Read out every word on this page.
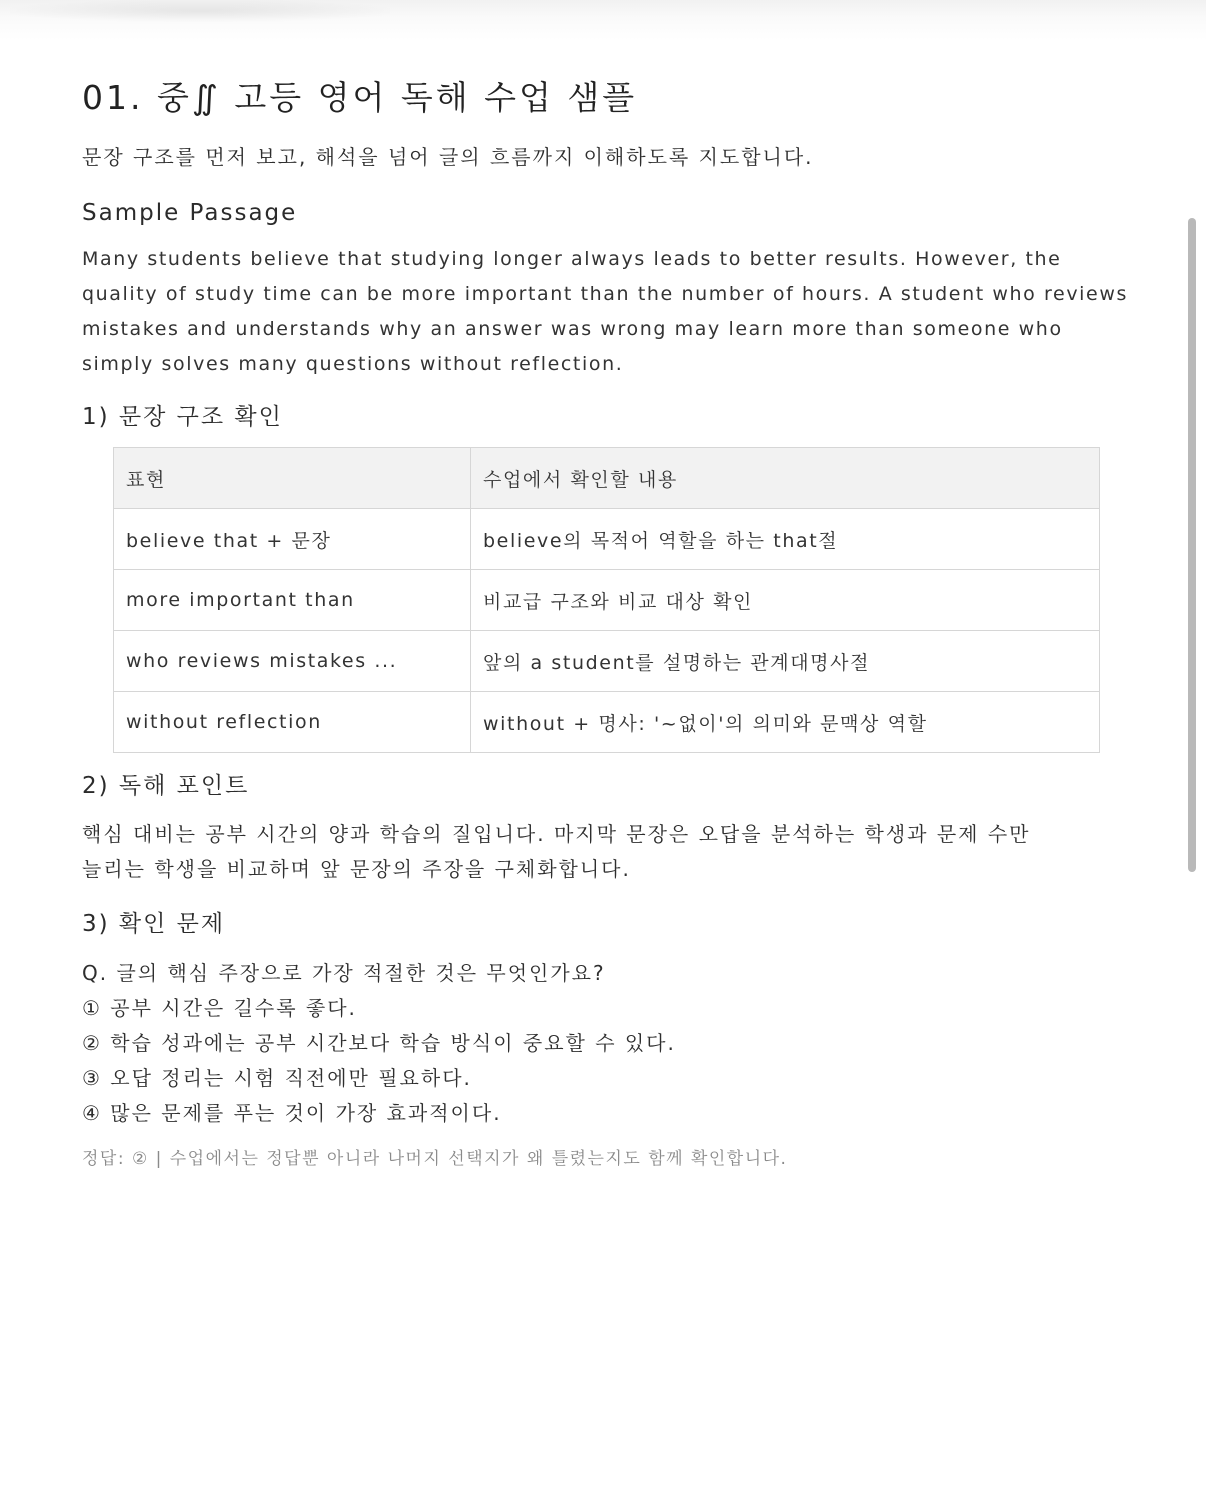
01. 중∬ 고등 영어 독해 수업 샘플

문장 구조를 먼저 보고, 해석을 넘어 글의 흐름까지 이해하도록 지도합니다.

Sample Passage
Many students believe that studying longer always leads to better results. However, the
quality of study time can be more important than the number of hours. A student who reviews
mistakes and understands why an answer was wrong may learn more than someone who
simply solves many questions without reflection.
1) 문장 구조 확인
표현	수업에서 확인할 내용
believe that + 문장	believe의 목적어 역할을 하는 that절
more important than	비교급 구조와 비교 대상 확인
who reviews mistakes ...	앞의 a student를 설명하는 관계대명사절
without reflection	without + 명사: '~없이'의 의미와 문맥상 역할
2) 독해 포인트
핵심 대비는 공부 시간의 양과 학습의 질입니다. 마지막 문장은 오답을 분석하는 학생과 문제 수만
늘리는 학생을 비교하며 앞 문장의 주장을 구체화합니다.
3) 확인 문제
Q. 글의 핵심 주장으로 가장 적절한 것은 무엇인가요?
① 공부 시간은 길수록 좋다.
② 학습 성과에는 공부 시간보다 학습 방식이 중요할 수 있다.
③ 오답 정리는 시험 직전에만 필요하다.
④ 많은 문제를 푸는 것이 가장 효과적이다.
정답: ② | 수업에서는 정답뿐 아니라 나머지 선택지가 왜 틀렸는지도 함께 확인합니다.
